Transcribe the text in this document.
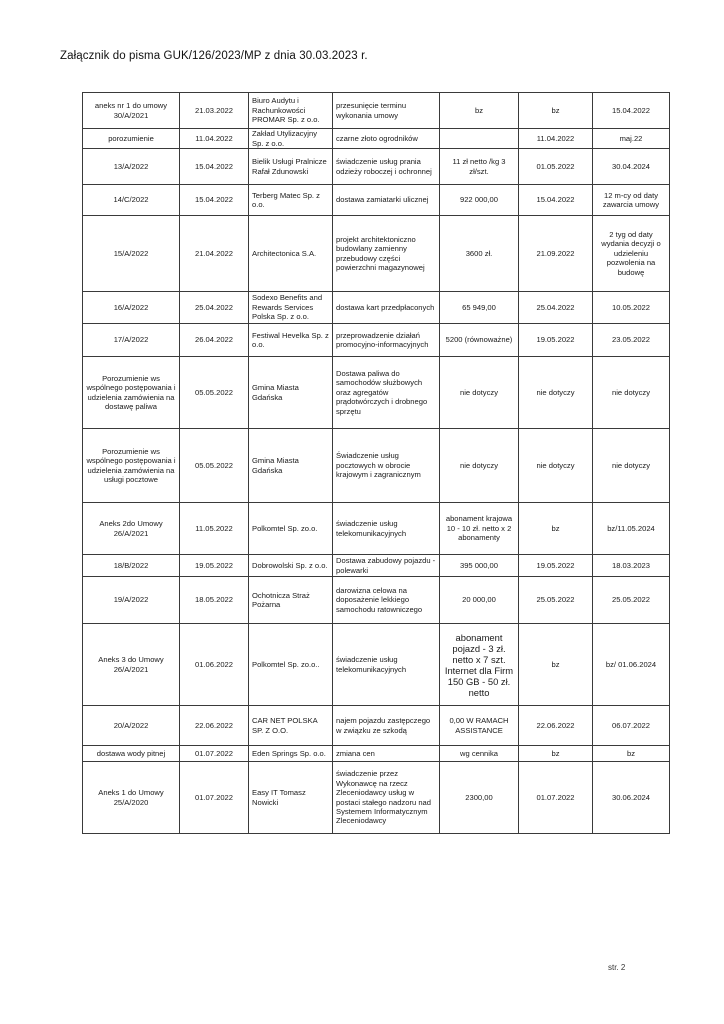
Załącznik do pisma GUK/126/2023/MP z dnia 30.03.2023 r.
aneks nr 1 do umowy 30/A/2021	21.03.2022	Biuro Audytu i Rachunkowości PROMAR Sp. z o.o.	przesunięcie terminu wykonania umowy	bz	bz	15.04.2022
porozumienie	11.04.2022	Zakład Utylizacyjny Sp. z o.o.	czarne złoto ogrodników		11.04.2022	maj.22
13/A/2022	15.04.2022	Bielik Usługi Pralnicze Rafał Zdunowski	świadczenie usług prania odzieży roboczej i ochronnej	11 zł netto /kg 3 zł/szt.	01.05.2022	30.04.2024
14/C/2022	15.04.2022	Terberg Matec Sp. z o.o.	dostawa zamiatarki ulicznej	922 000,00	15.04.2022	12 m-cy od daty zawarcia umowy
15/A/2022	21.04.2022	Architectonica S.A.	projekt architektoniczno budowlany zamienny przebudowy części powierzchni magazynowej	3600 zł.	21.09.2022	2 tyg od daty wydania decyzji o udzieleniu pozwolenia na budowę
16/A/2022	25.04.2022	Sodexo Benefits and Rewards Services Polska Sp. z o.o.	dostawa kart przedpłaconych	65 949,00	25.04.2022	10.05.2022
17/A/2022	26.04.2022	Festiwal Hevelka Sp. z o.o.	przeprowadzenie działań promocyjno-informacyjnych	5200 (równoważne)	19.05.2022	23.05.2022
Porozumienie ws wspólnego postępowania i udzielenia zamówienia na dostawę paliwa	05.05.2022	Gmina Miasta Gdańska	Dostawa paliwa do samochodów służbowych oraz agregatów prądotwórczych i drobnego sprzętu	nie dotyczy	nie dotyczy	nie dotyczy
Porozumienie ws wspólnego postępowania i udzielenia zamówienia na usługi pocztowe	05.05.2022	Gmina Miasta Gdańska	Świadczenie usług pocztowych w obrocie krajowym i zagranicznym	nie dotyczy	nie dotyczy	nie dotyczy
Aneks 2do Umowy 26/A/2021	11.05.2022	Polkomtel Sp. zo.o.	świadczenie usług telekomunikacyjnych	abonament krajowa 10 - 10 zł. netto x 2 abonamenty	bz	bz/11.05.2024
18/B/2022	19.05.2022	Dobrowolski Sp. z o.o.	Dostawa zabudowy pojazdu - polewarki	395 000,00	19.05.2022	18.03.2023
19/A/2022	18.05.2022	Ochotnicza Straż Pożarna	darowizna celowa na doposażenie lekkiego samochodu ratowniczego	20 000,00	25.05.2022	25.05.2022
Aneks 3 do Umowy 26/A/2021	01.06.2022	Polkomtel Sp. zo.o..	świadczenie usług telekomunikacyjnych	abonament pojazd - 3 zł. netto x 7 szt. Internet dla Firm 150 GB - 50 zł. netto	bz	bz/ 01.06.2024
20/A/2022	22.06.2022	CAR NET POLSKA SP. Z O.O.	najem pojazdu zastępczego w związku ze szkodą	0,00 W RAMACH ASSISTANCE	22.06.2022	06.07.2022
dostawa wody pitnej	01.07.2022	Eden Springs Sp. o.o.	zmiana cen	wg cennika	bz	bz
Aneks 1 do Umowy 25/A/2020	01.07.2022	Easy IT Tomasz Nowicki	świadczenie przez Wykonawcę na rzecz Zleceniodawcy usług w postaci stałego nadzoru nad Systemem Informatycznym Zleceniodawcy	2300,00	01.07.2022	30.06.2024
str. 2
